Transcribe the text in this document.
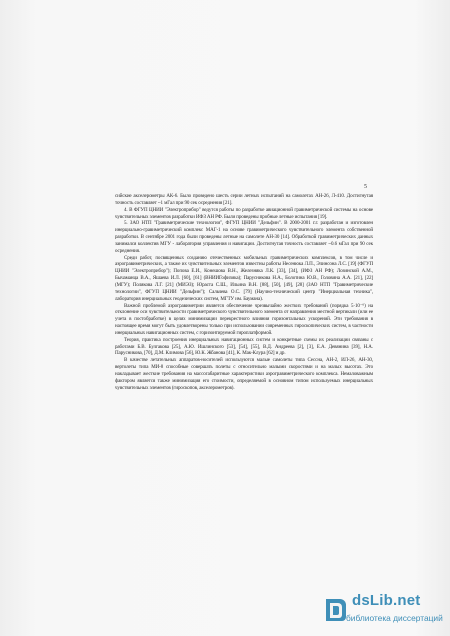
5

сийские акселерометры АК-6. Было проведено шесть серии летных испытаний на самолетах АН-26, Л-410. Достигнутая точность составляет ~1 мГал при 90 сек осреднения [21].

4. В ФГУП ЦНИИ "Электроприбор" ведутся работы по разработке авиационной гравиметрической системы на основе чувствительных элементов разработки ИФЗ АН РФ. Были проведены пробные летные испытания [19].

5. ЗАО НТП "Гравиметрические технологии", ФГУП ЦНИИ "Дельфин". В 2000-2001 г.г. разработан и изготовлен инерциально-гравиметрический комплекс МАГ-1 на основе гравиметрического чувствительного элемента собственной разработки. В сентябре 2001 года были проведены летные на самолете АН-30 [14]. Обработкой гравиметрических данных занимался коллектив МГУ - лаборатория управления и навигации. Достигнутая точность составляет ~0.6 мГал при 90 сек осреднения.

Среди работ, посвященных созданию отечественных мобильных гравиметрических комплексов, в том числе и аэрогравиметрических, а также их чувствительных элементов известны работы Несенюка Л.П., Элинсона Л.С. [19] (ФГУП ЦНИИ "Электроприбор"); Попова Е.И., Конешова В.Н., Железняка Л.К. [33], [34], (ИФЗ АН РФ); Лозинской А.М., Бычаманца В.А., Яшаева И.Л. [60], [61] (ВНИИГофизика); Парусникова Н.А., Болотина Ю.В., Головина А.А. [21], [22] (МГУ); Полякова Л.Г. [21] (МИЭЗ); Юраста С.Ш., Ильина В.Н. [88], [50], [49], [28] (ЗАО НТП "Гравиметрические технологии", ФГУП ЦНИИ "Дельфин"); Сальчева О.С. [79] (Научно-технический центр "Инерциальная техника", лаборатория инерциальных геодезических систем, МГТУ им. Баумана).

Важной проблемой аэрогравиметрии является обеспечение чрезвычайно жестких требований (порядка 5·10⁻⁶) на отклонение оси чувствительности гравиметрического чувствительного элемента от направления местной вертикали (или ее учета в постобработке) в целях минимизации перекрестного влияния горизонтальных ускорений. Эти требования в настоящее время могут быть удовлетворены только при использовании современных гироскопических систем, в частности инерциальных навигационных систем, с горизонтируемой гироплатформой.

Теория, практика построения инерциальных навигационных систем и конкретные схемы их реализации связаны с работами Б.В. Булгакова [25], А.Ю. Ишлинского [53], [54], [55], В.Д. Андреева [2], [3], Е.А. Девянина [39], Н.А. Парусникова, [70], Д.М. Климова [56], Ю.К. Жбанова [41], К. Мак-Клура [62] и др.

В качестве летательных аппаратов-носителей используются малые самолеты типа Сессна, АН-2, ИЛ-26, АН-30, вертолеты типа МИ-8 способные совершать полеты с относительно малыми скоростями и на малых высотах. Это накладывает жесткие требования на массогабаритные характеристики аэрогравиметрического комплекса. Немаловажным фактором является также минимизация его стоимости, определяемой в основном типом используемых инерциальных чувствительных элементов (гироскопов, акселерометров).

dsLib.net
библиотека диссертаций
